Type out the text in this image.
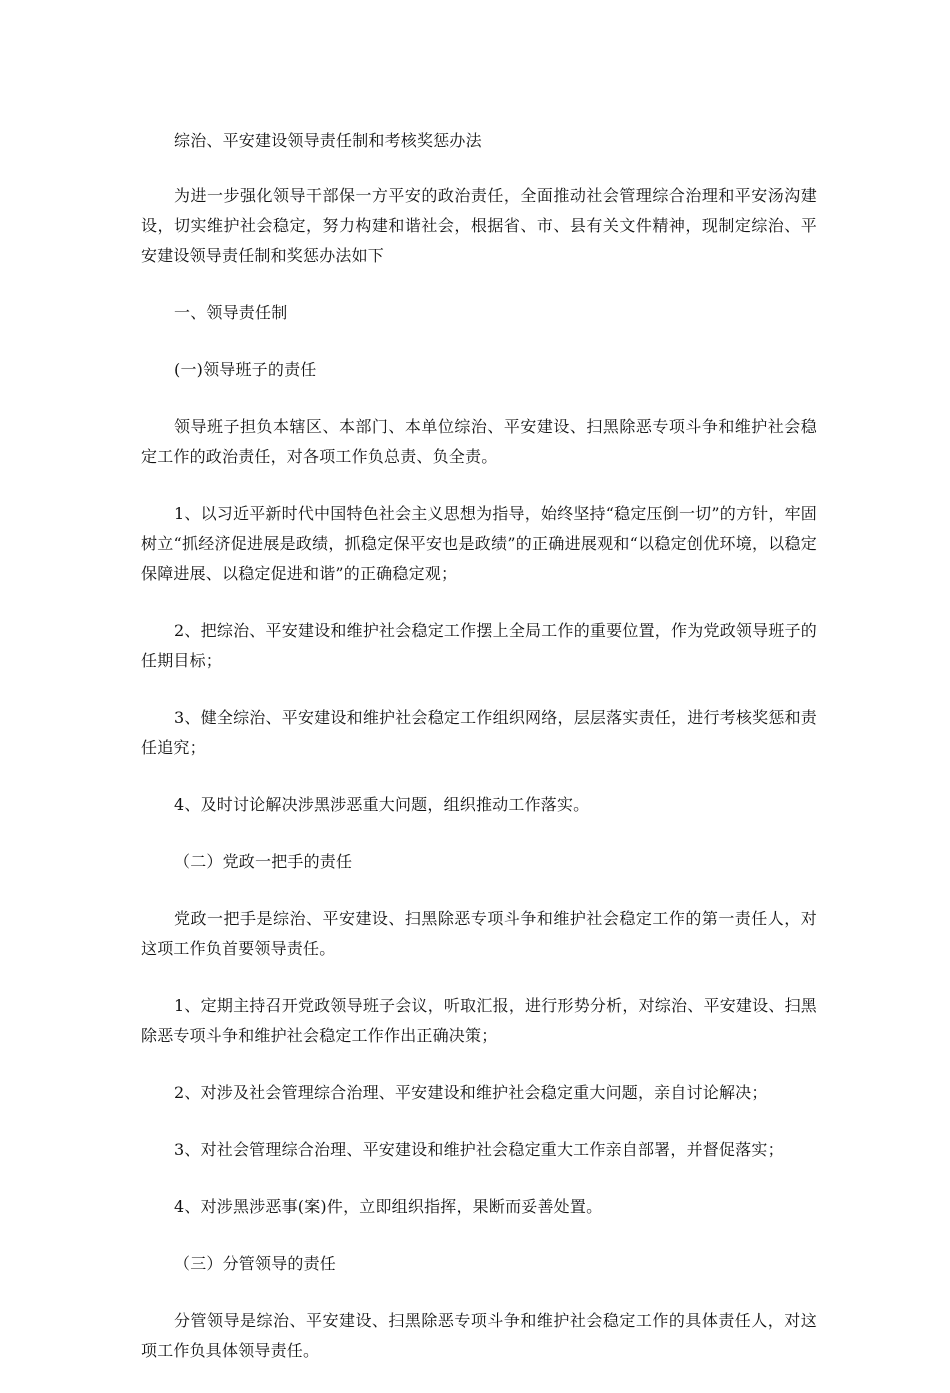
综治、平安建设领导责任制和考核奖惩办法

为进一步强化领导干部保一方平安的政治责任，全面推动社会管理综合治理和平安汤沟建设，切实维护社会稳定，努力构建和谐社会，根据省、市、县有关文件精神，现制定综治、平安建设领导责任制和奖惩办法如下

一、领导责任制

(一)领导班子的责任

领导班子担负本辖区、本部门、本单位综治、平安建设、扫黑除恶专项斗争和维护社会稳定工作的政治责任，对各项工作负总责、负全责。

1、以习近平新时代中国特色社会主义思想为指导，始终坚持“稳定压倒一切”的方针，牢固树立“抓经济促进展是政绩，抓稳定保平安也是政绩”的正确进展观和“以稳定创优环境，以稳定保障进展、以稳定促进和谐”的正确稳定观；

2、把综治、平安建设和维护社会稳定工作摆上全局工作的重要位置，作为党政领导班子的任期目标；

3、健全综治、平安建设和维护社会稳定工作组织网络，层层落实责任，进行考核奖惩和责任追究；

4、及时讨论解决涉黑涉恶重大问题，组织推动工作落实。

（二）党政一把手的责任

党政一把手是综治、平安建设、扫黑除恶专项斗争和维护社会稳定工作的第一责任人，对这项工作负首要领导责任。

1、定期主持召开党政领导班子会议，听取汇报，进行形势分析，对综治、平安建设、扫黑除恶专项斗争和维护社会稳定工作作出正确决策；

2、对涉及社会管理综合治理、平安建设和维护社会稳定重大问题，亲自讨论解决；

3、对社会管理综合治理、平安建设和维护社会稳定重大工作亲自部署，并督促落实；

4、对涉黑涉恶事(案)件，立即组织指挥，果断而妥善处置。

（三）分管领导的责任

分管领导是综治、平安建设、扫黑除恶专项斗争和维护社会稳定工作的具体责任人，对这项工作负具体领导责任。
